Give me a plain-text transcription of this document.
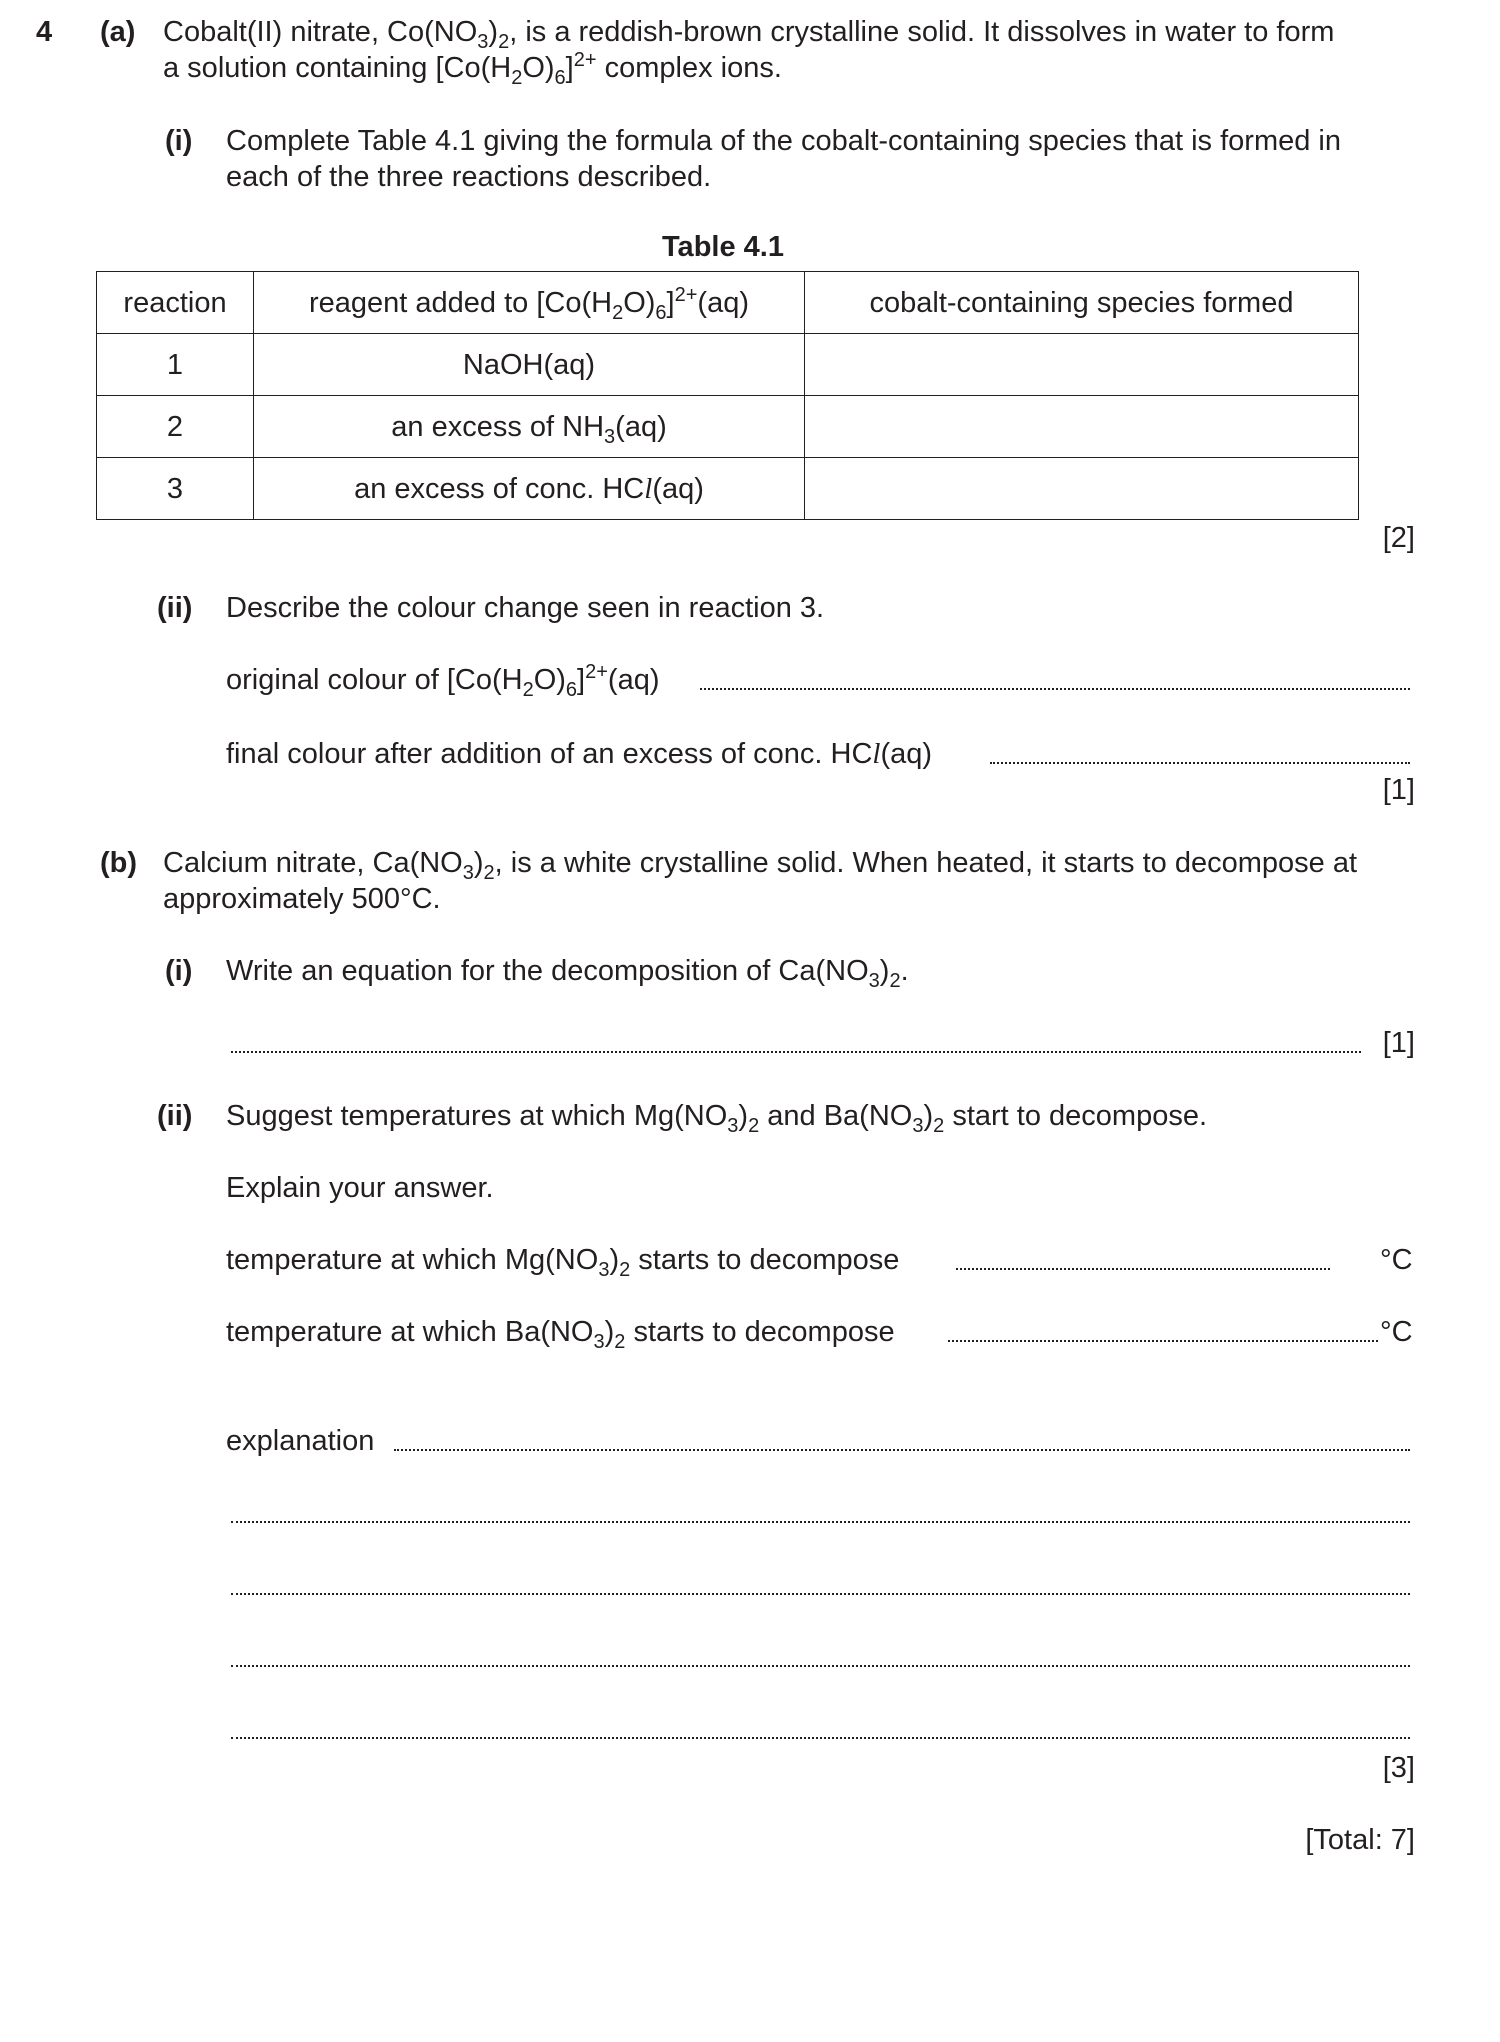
4 (a) Cobalt(II) nitrate, $Co(NO_3)_2$, is a reddish-brown crystalline solid. It dissolves in water to form
a solution containing $[Co(H_2O)_6]^{2+}$ complex ions.
(i) Complete Table 4.1 giving the formula of the cobalt-containing species that is formed in
each of the three reactions described.
Table 4.1
reaction	reagent added to $[Co(H_2O)_6]^{2+}(aq)$	cobalt-containing species formed
1	NaOH(aq)	
2	an excess of $NH_3(aq)$	
3	an excess of conc. HCl(aq)	
[2]
(ii) Describe the colour change seen in reaction 3.
original colour of $[Co(H_2O)_6]^{2+}(aq)$
final colour after addition of an excess of conc. HCl(aq)
[1]
(b) Calcium nitrate, $Ca(NO_3)_2$, is a white crystalline solid. When heated, it starts to decompose at
approximately 500°C.
(i) Write an equation for the decomposition of $Ca(NO_3)_2$.
[1]
(ii) Suggest temperatures at which $Mg(NO_3)_2$ and $Ba(NO_3)_2$ start to decompose.
Explain your answer.
temperature at which $Mg(NO_3)_2$ starts to decompose	°C
temperature at which $Ba(NO_3)_2$ starts to decompose	°C
explanation
[3]
[Total: 7]
